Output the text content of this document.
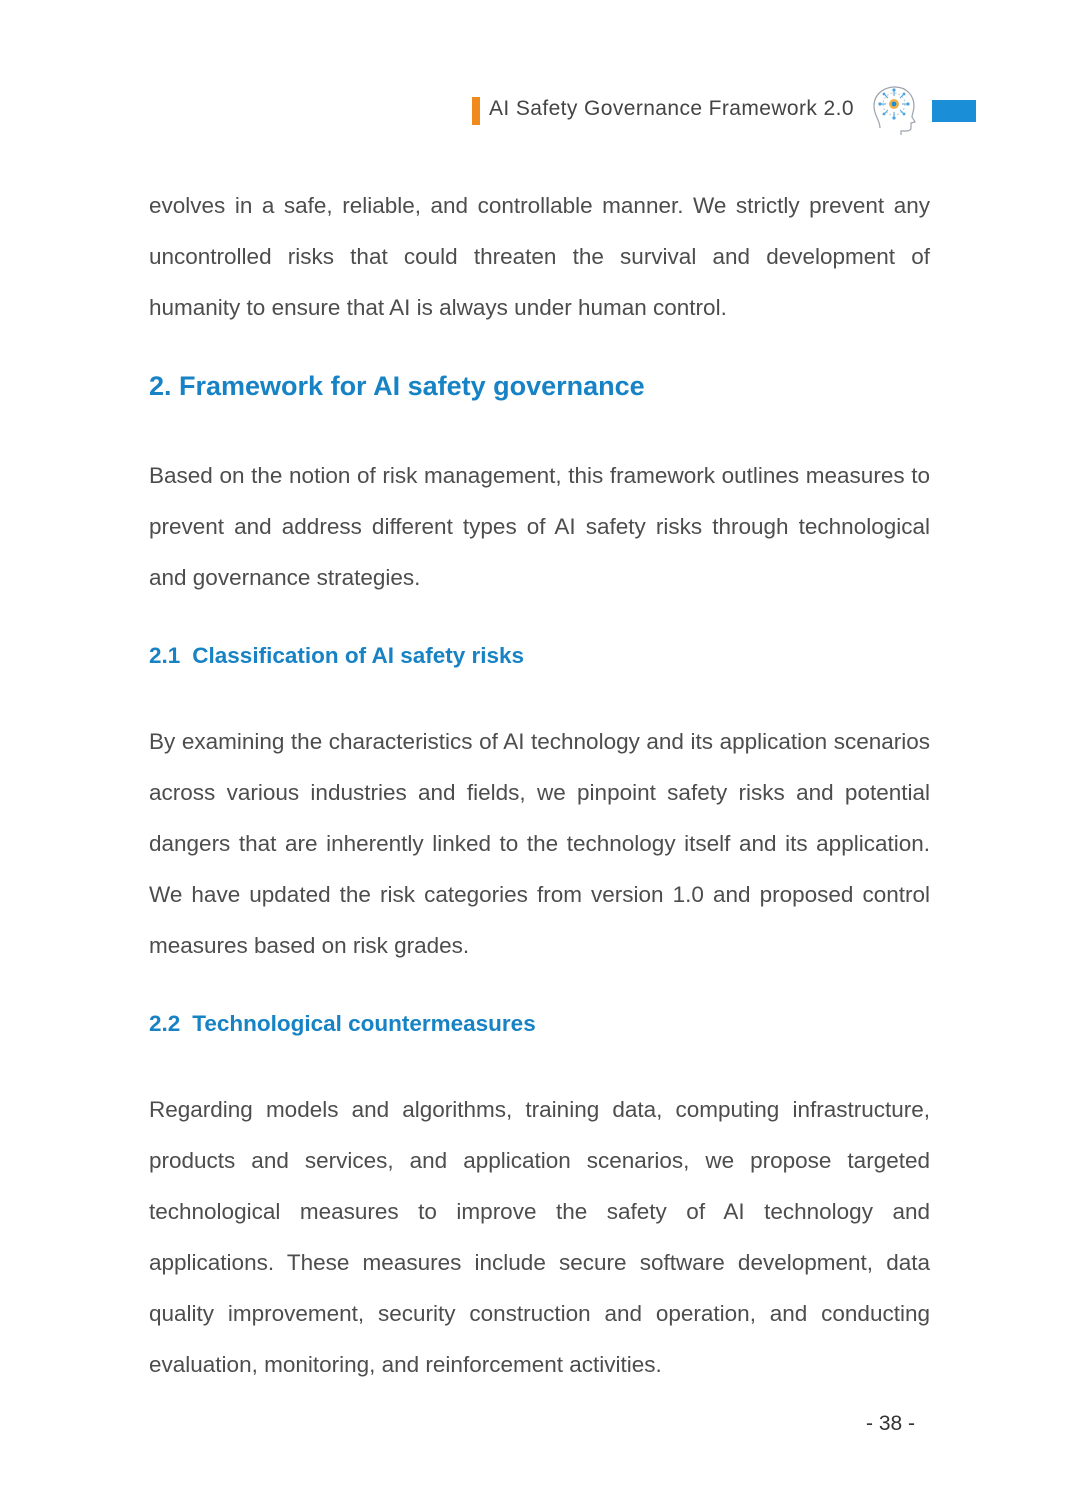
AI Safety Governance Framework 2.0

evolves in a safe, reliable, and controllable manner. We strictly prevent any uncontrolled risks that could threaten the survival and development of humanity to ensure that AI is always under human control.

2. Framework for AI safety governance

Based on the notion of risk management, this framework outlines measures to prevent and address different types of AI safety risks through technological and governance strategies.

2.1 Classification of AI safety risks

By examining the characteristics of AI technology and its application scenarios across various industries and fields, we pinpoint safety risks and potential dangers that are inherently linked to the technology itself and its application. We have updated the risk categories from version 1.0 and proposed control measures based on risk grades.

2.2 Technological countermeasures

Regarding models and algorithms, training data, computing infrastructure, products and services, and application scenarios, we propose targeted technological measures to improve the safety of AI technology and applications. These measures include secure software development, data quality improvement, security construction and operation, and conducting evaluation, monitoring, and reinforcement activities.

- 38 -
